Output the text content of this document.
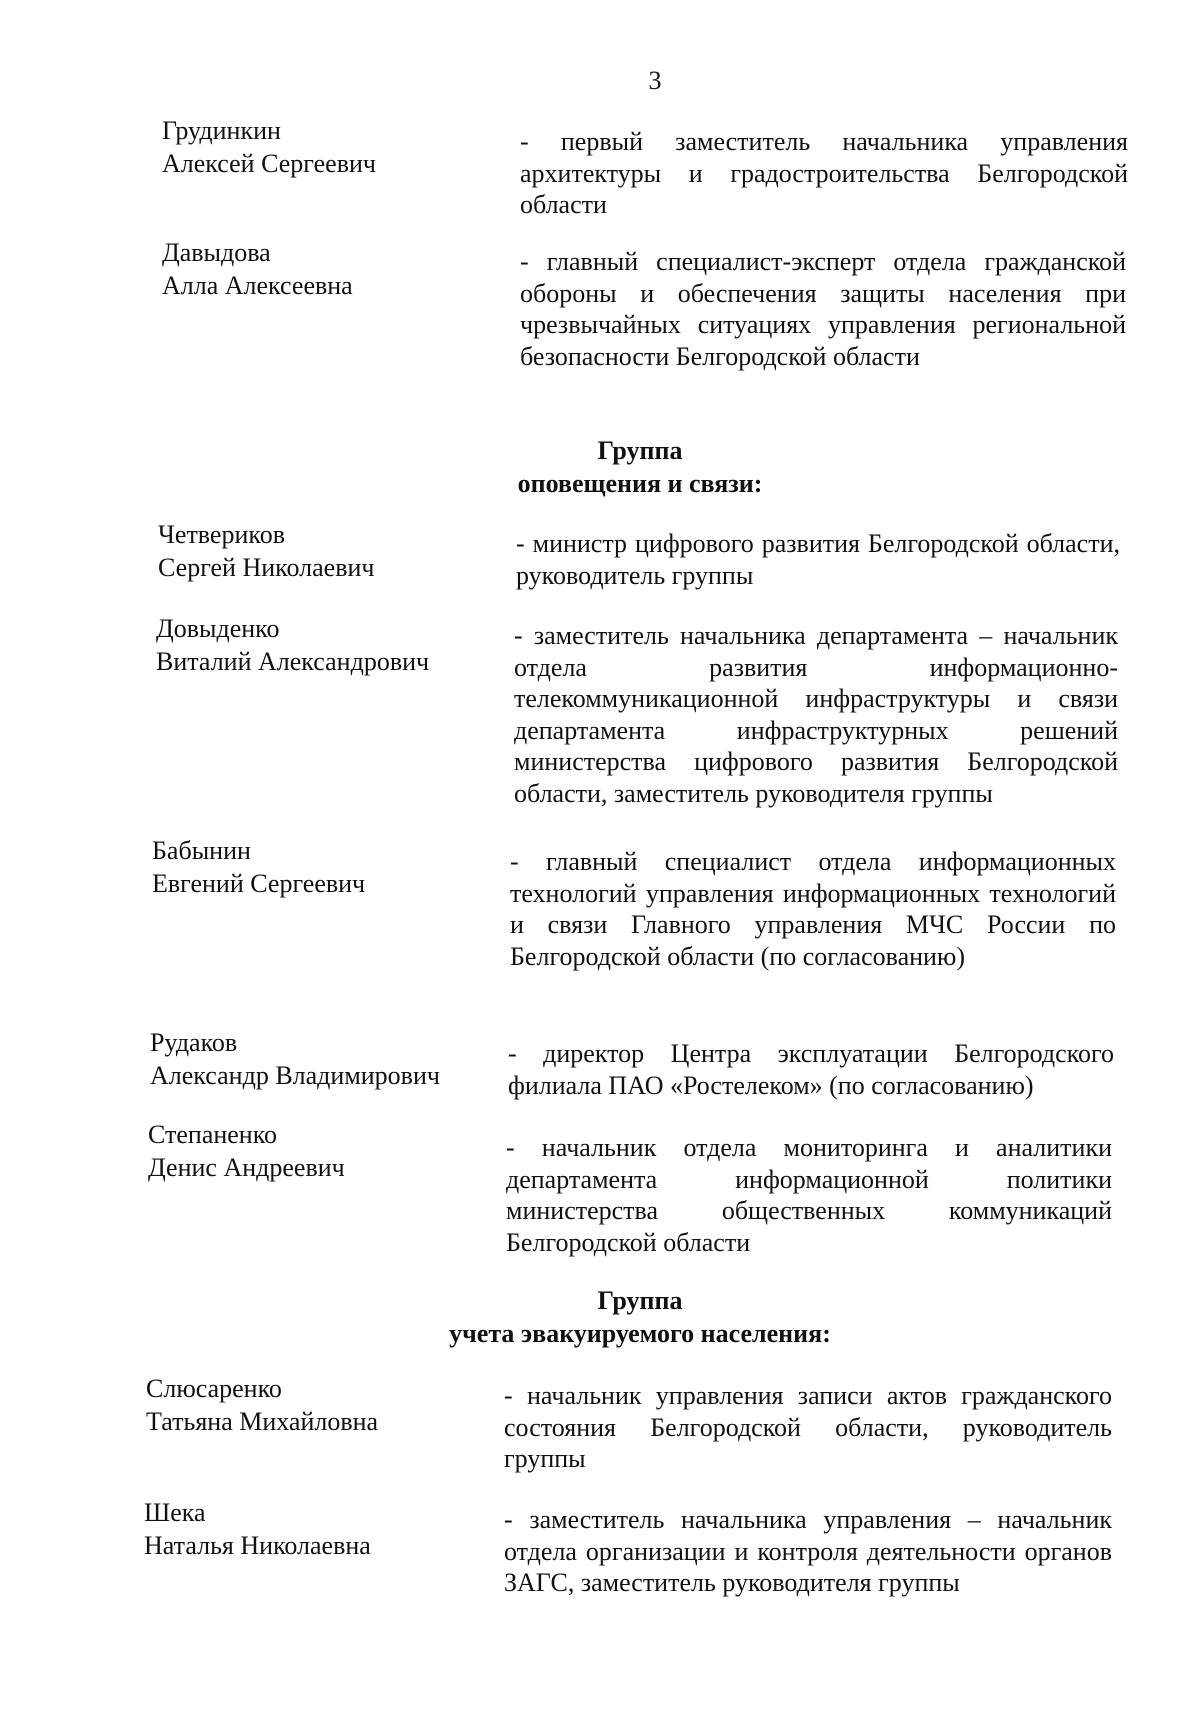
3
Грудинкин
Алексей Сергеевич
- первый заместитель начальника управления архитектуры и градостроительства Белгородской области
Давыдова
Алла Алексеевна
- главный специалист-эксперт отдела гражданской обороны и обеспечения защиты населения при чрезвычайных ситуациях управления региональной безопасности Белгородской области
Группа
оповещения и связи:
Четвериков
Сергей Николаевич
- министр цифрового развития Белгородской области, руководитель группы
Довыденко
Виталий Александрович
- заместитель начальника департамента – начальник отдела развития информационно-телекоммуникационной инфраструктуры и связи департамента инфраструктурных решений министерства цифрового развития Белгородской области, заместитель руководителя группы
Бабынин
Евгений Сергеевич
- главный специалист отдела информационных технологий управления информационных технологий и связи Главного управления МЧС России по Белгородской области (по согласованию)
Рудаков
Александр Владимирович
- директор Центра эксплуатации Белгородского филиала ПАО «Ростелеком» (по согласованию)
Степаненко
Денис Андреевич
- начальник отдела мониторинга и аналитики департамента информационной политики министерства общественных коммуникаций Белгородской области
Группа
учета эвакуируемого населения:
Слюсаренко
Татьяна Михайловна
- начальник управления записи актов гражданского состояния Белгородской области, руководитель группы
Шека
Наталья Николаевна
- заместитель начальника управления – начальник отдела организации и контроля деятельности органов ЗАГС, заместитель руководителя группы
